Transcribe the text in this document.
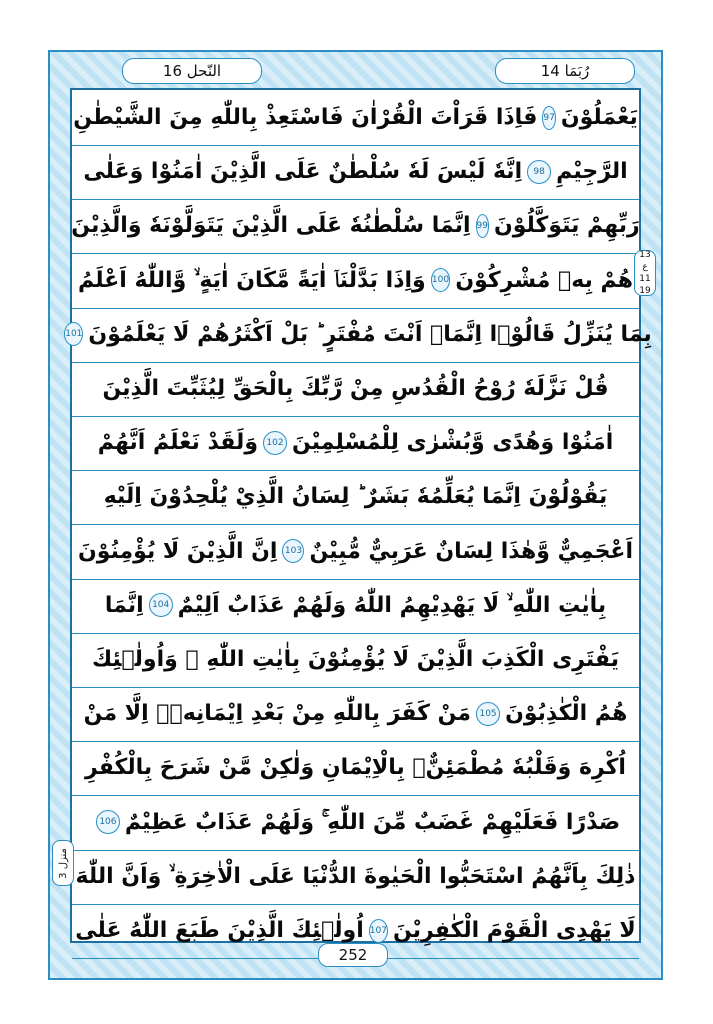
النّحل 16	رُبَمَا 14
يَعْمَلُوْنَ
97
فَاِذَا قَرَاْتَ الْقُرْاٰنَ فَاسْتَعِذْ بِاللّٰهِ مِنَ الشَّيْطٰنِ
الرَّجِيْمِ
98
اِنَّهٗ لَيْسَ لَهٗ سُلْطٰنٌ عَلَى الَّذِيْنَ اٰمَنُوْا وَعَلٰى
رَبِّهِمْ يَتَوَكَّلُوْنَ
99
اِنَّمَا سُلْطٰنُهٗ عَلَى الَّذِيْنَ يَتَوَلَّوْنَهٗ وَالَّذِيْنَ
هُمْ بِهٖ مُشْرِكُوْنَ
100
وَاِذَا بَدَّلْنَاۤ اٰيَةً مَّكَانَ اٰيَةٍ ۙ وَّاللّٰهُ اَعْلَمُ
بِمَا يُنَزِّلُ قَالُوْۤا اِنَّمَاۤ اَنْتَ مُفْتَرٍ ؕ بَلْ اَكْثَرُهُمْ لَا يَعْلَمُوْنَ
101
قُلْ نَزَّلَهٗ رُوْحُ الْقُدُسِ مِنْ رَّبِّكَ بِالْحَقِّ لِيُثَبِّتَ الَّذِيْنَ
اٰمَنُوْا وَهُدًى وَّبُشْرٰى لِلْمُسْلِمِيْنَ
102
وَلَقَدْ نَعْلَمُ اَنَّهُمْ
يَقُوْلُوْنَ اِنَّمَا يُعَلِّمُهٗ بَشَرٌ ؕ لِسَانُ الَّذِيْ يُلْحِدُوْنَ اِلَيْهِ
اَعْجَمِيٌّ وَّهٰذَا لِسَانٌ عَرَبِيٌّ مُّبِيْنٌ
103
اِنَّ الَّذِيْنَ لَا يُؤْمِنُوْنَ
بِاٰيٰتِ اللّٰهِ ۙ لَا يَهْدِيْهِمُ اللّٰهُ وَلَهُمْ عَذَابٌ اَلِيْمٌ
104
اِنَّمَا
يَفْتَرِى الْكَذِبَ الَّذِيْنَ لَا يُؤْمِنُوْنَ بِاٰيٰتِ اللّٰهِ ۚ وَاُولٰۤئِكَ
هُمُ الْكٰذِبُوْنَ
105
مَنْ كَفَرَ بِاللّٰهِ مِنْ بَعْدِ اِيْمَانِهٖۤ اِلَّا مَنْ
اُكْرِهَ وَقَلْبُهٗ مُطْمَئِنٌّۢ بِالْاِيْمَانِ وَلٰكِنْ مَّنْ شَرَحَ بِالْكُفْرِ
صَدْرًا فَعَلَيْهِمْ غَضَبٌ مِّنَ اللّٰهِ ۚ وَلَهُمْ عَذَابٌ عَظِيْمٌ
106
ذٰلِكَ بِاَنَّهُمُ اسْتَحَبُّوا الْحَيٰوةَ الدُّنْيَا عَلَى الْاٰخِرَةِ ۙ وَاَنَّ اللّٰهَ
لَا يَهْدِى الْقَوْمَ الْكٰفِرِيْنَ
107
اُولٰۤئِكَ الَّذِيْنَ طَبَعَ اللّٰهُ عَلٰى
13
ع
11
19
منزل 3
252
